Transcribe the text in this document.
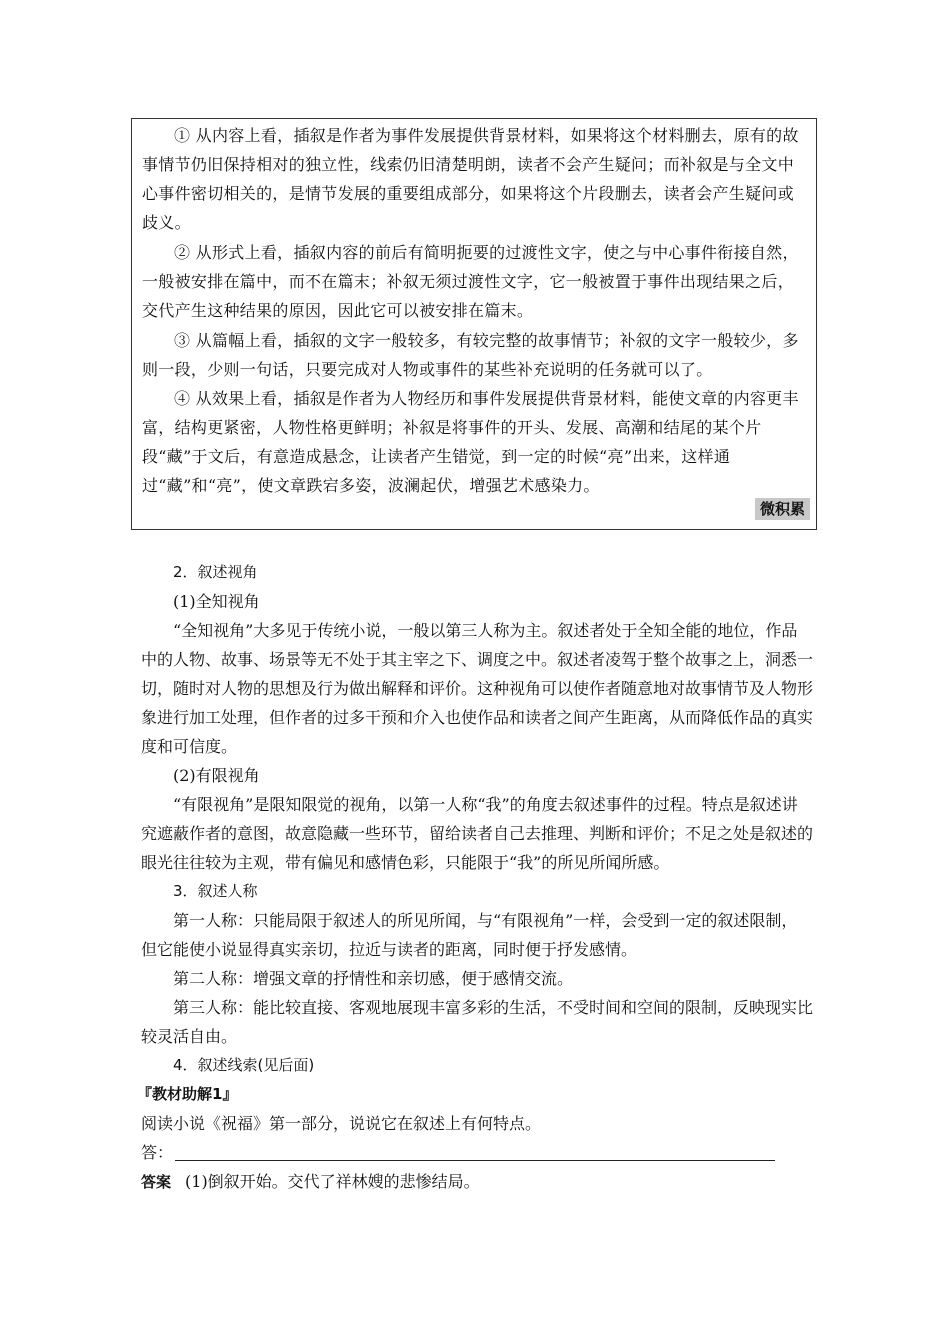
① 从内容上看，插叙是作者为事件发展提供背景材料，如果将这个材料删去，原有的故事情节仍旧保持相对的独立性，线索仍旧清楚明朗，读者不会产生疑问；而补叙是与全文中心事件密切相关的，是情节发展的重要组成部分，如果将这个片段删去，读者会产生疑问或歧义。

② 从形式上看，插叙内容的前后有简明扼要的过渡性文字，使之与中心事件衔接自然，一般被安排在篇中，而不在篇末；补叙无须过渡性文字，它一般被置于事件出现结果之后，交代产生这种结果的原因，因此它可以被安排在篇末。

③ 从篇幅上看，插叙的文字一般较多，有较完整的故事情节；补叙的文字一般较少，多则一段，少则一句话，只要完成对人物或事件的某些补充说明的任务就可以了。

④ 从效果上看，插叙是作者为人物经历和事件发展提供背景材料，能使文章的内容更丰富，结构更紧密，人物性格更鲜明；补叙是将事件的开头、发展、高潮和结尾的某个片段“藏”于文后，有意造成悬念，让读者产生错觉，到一定的时候“亮”出来，这样通过“藏”和“亮”，使文章跌宕多姿，波澜起伏，增强艺术感染力。

微积累

2．叙述视角

(1)全知视角

“全知视角”大多见于传统小说，一般以第三人称为主。叙述者处于全知全能的地位，作品中的人物、故事、场景等无不处于其主宰之下、调度之中。叙述者凌驾于整个故事之上，洞悉一切，随时对人物的思想及行为做出解释和评价。这种视角可以使作者随意地对故事情节及人物形象进行加工处理，但作者的过多干预和介入也使作品和读者之间产生距离，从而降低作品的真实度和可信度。

(2)有限视角

“有限视角”是限知限觉的视角，以第一人称“我”的角度去叙述事件的过程。特点是叙述讲究遮蔽作者的意图，故意隐藏一些环节，留给读者自己去推理、判断和评价；不足之处是叙述的眼光往往较为主观，带有偏见和感情色彩，只能限于“我”的所见所闻所感。

3．叙述人称

第一人称：只能局限于叙述人的所见所闻，与“有限视角”一样，会受到一定的叙述限制，但它能使小说显得真实亲切，拉近与读者的距离，同时便于抒发感情。

第二人称：增强文章的抒情性和亲切感，便于感情交流。

第三人称：能比较直接、客观地展现丰富多彩的生活，不受时间和空间的限制，反映现实比较灵活自由。

4．叙述线索(见后面)

『教材助解1』

阅读小说《祝福》第一部分，说说它在叙述上有何特点。

答：

答案 (1)倒叙开始。交代了祥林嫂的悲惨结局。
